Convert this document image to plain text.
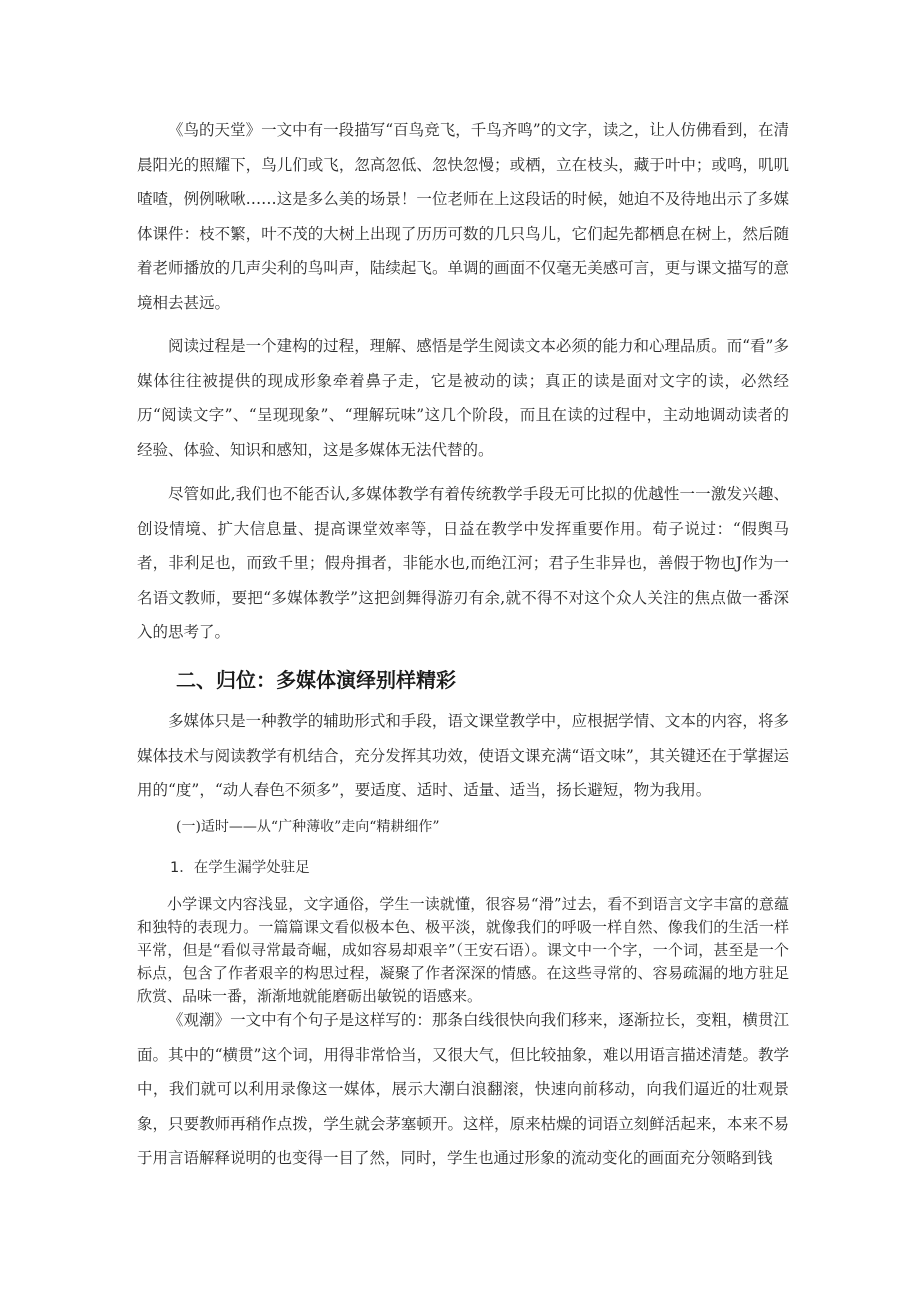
《鸟的天堂》一文中有一段描写“百鸟竞飞，千鸟齐鸣”的文字，读之，让人仿佛看到，在清晨阳光的照耀下，鸟儿们或飞，忽高忽低、忽快忽慢；或栖，立在枝头，藏于叶中；或鸣，叽叽喳喳，例例啾啾……这是多么美的场景！一位老师在上这段话的时候，她迫不及待地出示了多媒体课件：枝不繁，叶不茂的大树上出现了历历可数的几只鸟儿，它们起先都栖息在树上，然后随着老师播放的几声尖利的鸟叫声，陆续起飞。单调的画面不仅毫无美感可言，更与课文描写的意境相去甚远。

阅读过程是一个建构的过程，理解、感悟是学生阅读文本必须的能力和心理品质。而“看”多媒体往往被提供的现成形象牵着鼻子走，它是被动的读；真正的读是面对文字的读，必然经历“阅读文字”、“呈现现象”、“理解玩味”这几个阶段，而且在读的过程中，主动地调动读者的经验、体验、知识和感知，这是多媒体无法代替的。

尽管如此,我们也不能否认,多媒体教学有着传统教学手段无可比拟的优越性一一激发兴趣、创设情境、扩大信息量、提高课堂效率等，日益在教学中发挥重要作用。荀子说过：“假舆马者，非利足也，而致千里；假舟揖者，非能水也,而绝江河；君子生非异也，善假于物也J作为一名语文教师，要把“多媒体教学”这把剑舞得游刃有余,就不得不对这个众人关注的焦点做一番深入的思考了。

二、归位：多媒体演绎别样精彩

多媒体只是一种教学的辅助形式和手段，语文课堂教学中，应根据学情、文本的内容，将多媒体技术与阅读教学有机结合，充分发挥其功效，使语文课充满“语文味”，其关键还在于掌握运用的“度”，“动人春色不须多”，要适度、适时、适量、适当，扬长避短，物为我用。

(一)适时——从“广种薄收”走向“精耕细作”

1．在学生漏学处驻足

小学课文内容浅显，文字通俗，学生一读就懂，很容易“滑”过去，看不到语言文字丰富的意蕴和独特的表现力。一篇篇课文看似极本色、极平淡，就像我们的呼吸一样自然、像我们的生活一样平常，但是“看似寻常最奇崛，成如容易却艰辛”（王安石语）。课文中一个字，一个词，甚至是一个标点，包含了作者艰辛的构思过程，凝聚了作者深深的情感。在这些寻常的、容易疏漏的地方驻足欣赏、品味一番，渐渐地就能磨砺出敏锐的语感来。

《观潮》一文中有个句子是这样写的：那条白线很快向我们移来，逐渐拉长，变粗，横贯江面。其中的“横贯”这个词，用得非常恰当，又很大气，但比较抽象，难以用语言描述清楚。教学中，我们就可以利用录像这一媒体，展示大潮白浪翻滚，快速向前移动，向我们逼近的壮观景象，只要教师再稍作点拨，学生就会茅塞顿开。这样，原来枯燥的词语立刻鲜活起来，本来不易于用言语解释说明的也变得一目了然，同时，学生也通过形象的流动变化的画面充分领略到钱
